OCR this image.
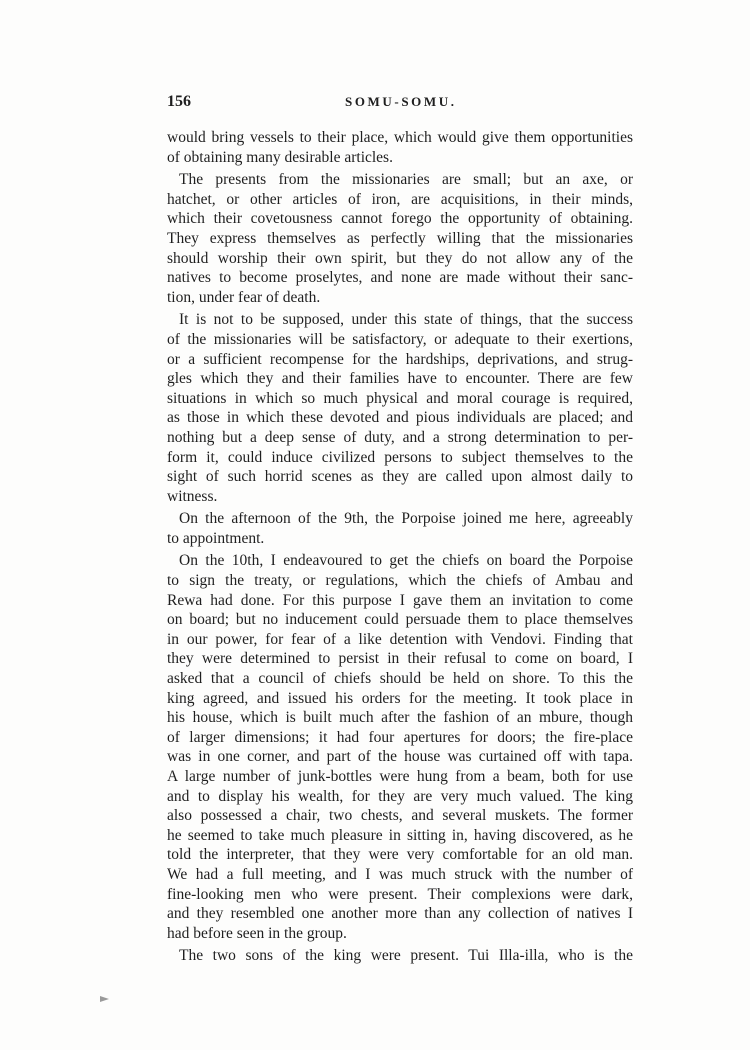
156	SOMU-SOMU.
would bring vessels to their place, which would give them opportunities
of obtaining many desirable articles.
The presents from the missionaries are small; but an axe, or
hatchet, or other articles of iron, are acquisitions, in their minds,
which their covetousness cannot forego the opportunity of obtaining.
They express themselves as perfectly willing that the missionaries
should worship their own spirit, but they do not allow any of the
natives to become proselytes, and none are made without their sanc-
tion, under fear of death.
It is not to be supposed, under this state of things, that the success
of the missionaries will be satisfactory, or adequate to their exertions,
or a sufficient recompense for the hardships, deprivations, and strug-
gles which they and their families have to encounter. There are few
situations in which so much physical and moral courage is required,
as those in which these devoted and pious individuals are placed; and
nothing but a deep sense of duty, and a strong determination to per-
form it, could induce civilized persons to subject themselves to the
sight of such horrid scenes as they are called upon almost daily to
witness.
On the afternoon of the 9th, the Porpoise joined me here, agreeably
to appointment.
On the 10th, I endeavoured to get the chiefs on board the Porpoise
to sign the treaty, or regulations, which the chiefs of Ambau and
Rewa had done. For this purpose I gave them an invitation to come
on board; but no inducement could persuade them to place themselves
in our power, for fear of a like detention with Vendovi. Finding that
they were determined to persist in their refusal to come on board, I
asked that a council of chiefs should be held on shore. To this the
king agreed, and issued his orders for the meeting. It took place in
his house, which is built much after the fashion of an mbure, though
of larger dimensions; it had four apertures for doors; the fire-place
was in one corner, and part of the house was curtained off with tapa.
A large number of junk-bottles were hung from a beam, both for use
and to display his wealth, for they are very much valued. The king
also possessed a chair, two chests, and several muskets. The former
he seemed to take much pleasure in sitting in, having discovered, as he
told the interpreter, that they were very comfortable for an old man.
We had a full meeting, and I was much struck with the number of
fine-looking men who were present. Their complexions were dark,
and they resembled one another more than any collection of natives I
had before seen in the group.
The two sons of the king were present. Tui Illa-illa, who is the
